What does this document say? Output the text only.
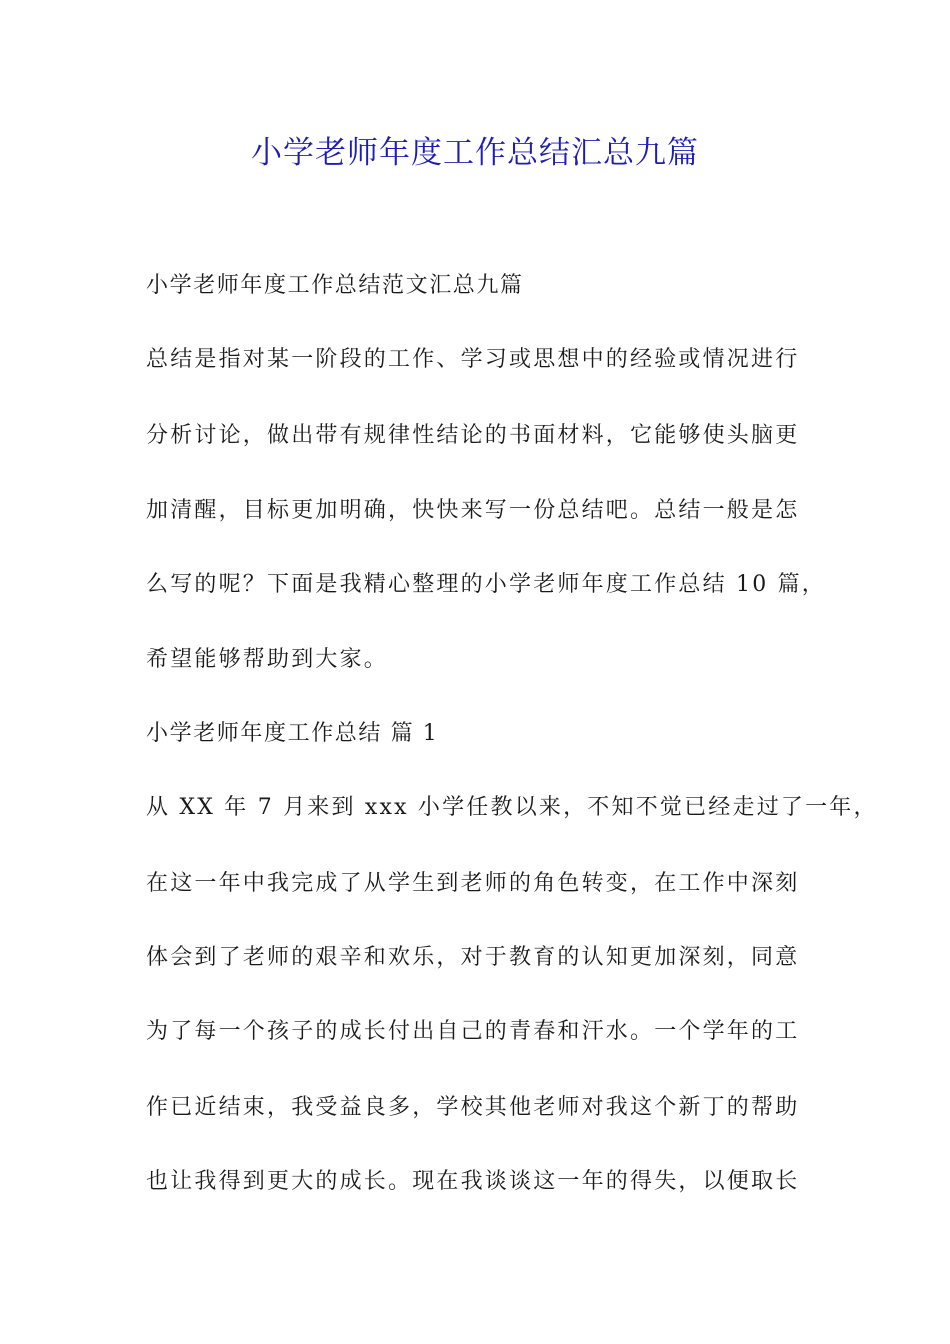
小学老师年度工作总结汇总九篇

小学老师年度工作总结范文汇总九篇

总结是指对某一阶段的工作、学习或思想中的经验或情况进行

分析讨论，做出带有规律性结论的书面材料，它能够使头脑更

加清醒，目标更加明确，快快来写一份总结吧。总结一般是怎

么写的呢？下面是我精心整理的小学老师年度工作总结 10 篇，

希望能够帮助到大家。

小学老师年度工作总结 篇 1

从 XX 年 7 月来到 xxx 小学任教以来，不知不觉已经走过了一年，

在这一年中我完成了从学生到老师的角色转变，在工作中深刻

体会到了老师的艰辛和欢乐，对于教育的认知更加深刻，同意

为了每一个孩子的成长付出自己的青春和汗水。一个学年的工

作已近结束，我受益良多，学校其他老师对我这个新丁的帮助

也让我得到更大的成长。现在我谈谈这一年的得失，以便取长
